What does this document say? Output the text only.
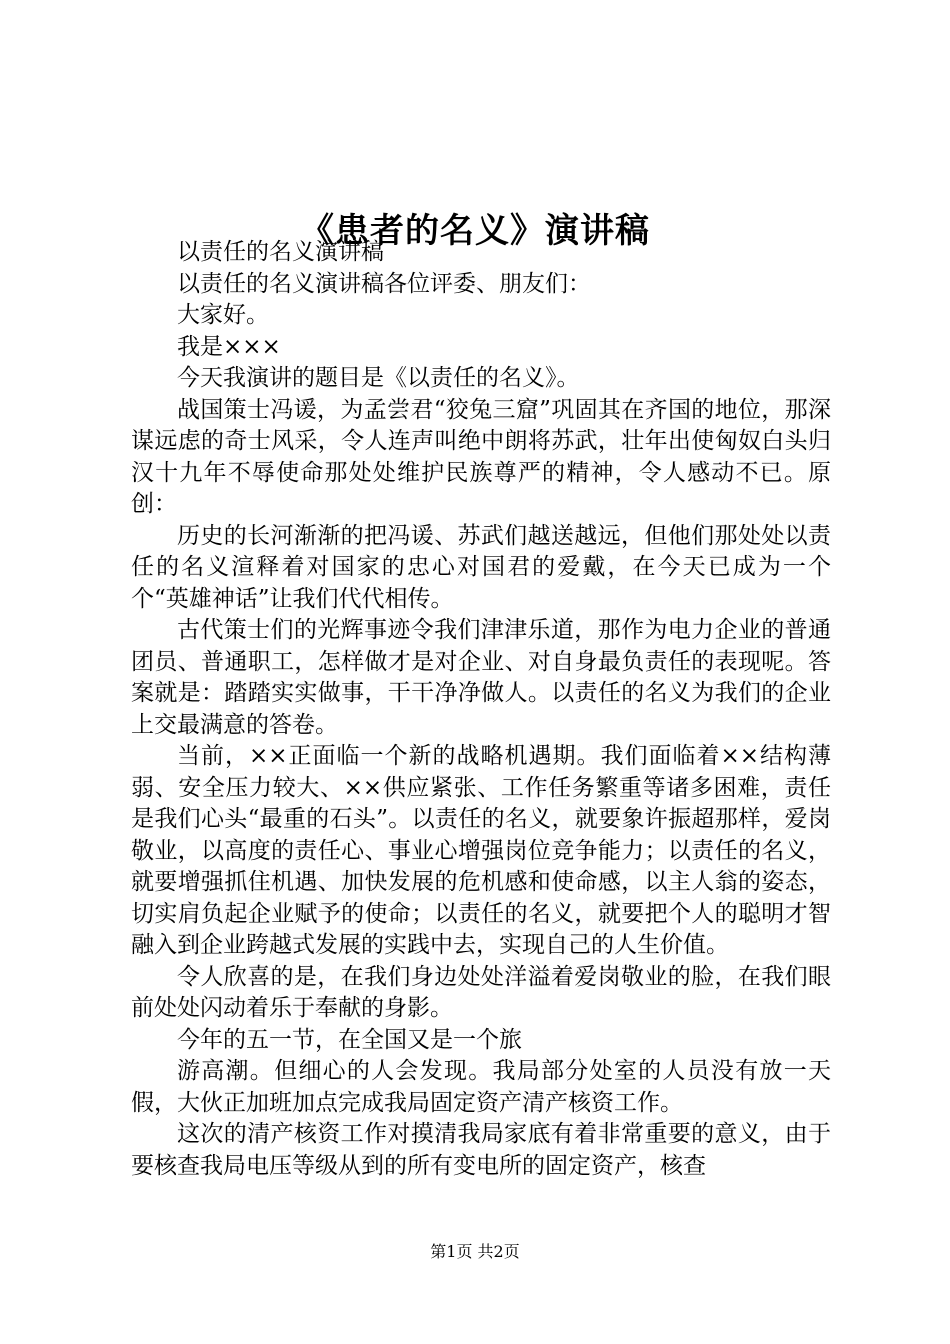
《患者的名义》演讲稿

以责任的名义演讲稿

以责任的名义演讲稿各位评委、朋友们：

大家好。

我是×××

今天我演讲的题目是《以责任的名义》。

战国策士冯谖，为孟尝君“狡兔三窟”巩固其在齐国的地位，那深谋远虑的奇士风采，令人连声叫绝中朗将苏武，壮年出使匈奴白头归汉十九年不辱使命那处处维护民族尊严的精神，令人感动不已。原创：

历史的长河渐渐的把冯谖、苏武们越送越远，但他们那处处以责任的名义渲释着对国家的忠心对国君的爱戴，在今天已成为一个个“英雄神话”让我们代代相传。

古代策士们的光辉事迹令我们津津乐道，那作为电力企业的普通团员、普通职工，怎样做才是对企业、对自身最负责任的表现呢。答案就是：踏踏实实做事，干干净净做人。以责任的名义为我们的企业上交最满意的答卷。

当前，××正面临一个新的战略机遇期。我们面临着××结构薄弱、安全压力较大、××供应紧张、工作任务繁重等诸多困难，责任是我们心头“最重的石头”。以责任的名义，就要象许振超那样，爱岗敬业，以高度的责任心、事业心增强岗位竞争能力；以责任的名义，就要增强抓住机遇、加快发展的危机感和使命感，以主人翁的姿态，切实肩负起企业赋予的使命；以责任的名义，就要把个人的聪明才智融入到企业跨越式发展的实践中去，实现自己的人生价值。

令人欣喜的是，在我们身边处处洋溢着爱岗敬业的脸，在我们眼前处处闪动着乐于奉献的身影。

今年的五一节，在全国又是一个旅

游高潮。但细心的人会发现。我局部分处室的人员没有放一天假，大伙正加班加点完成我局固定资产清产核资工作。

这次的清产核资工作对摸清我局家底有着非常重要的意义，由于要核查我局电压等级从到的所有变电所的固定资产，核查

第1页 共2页
